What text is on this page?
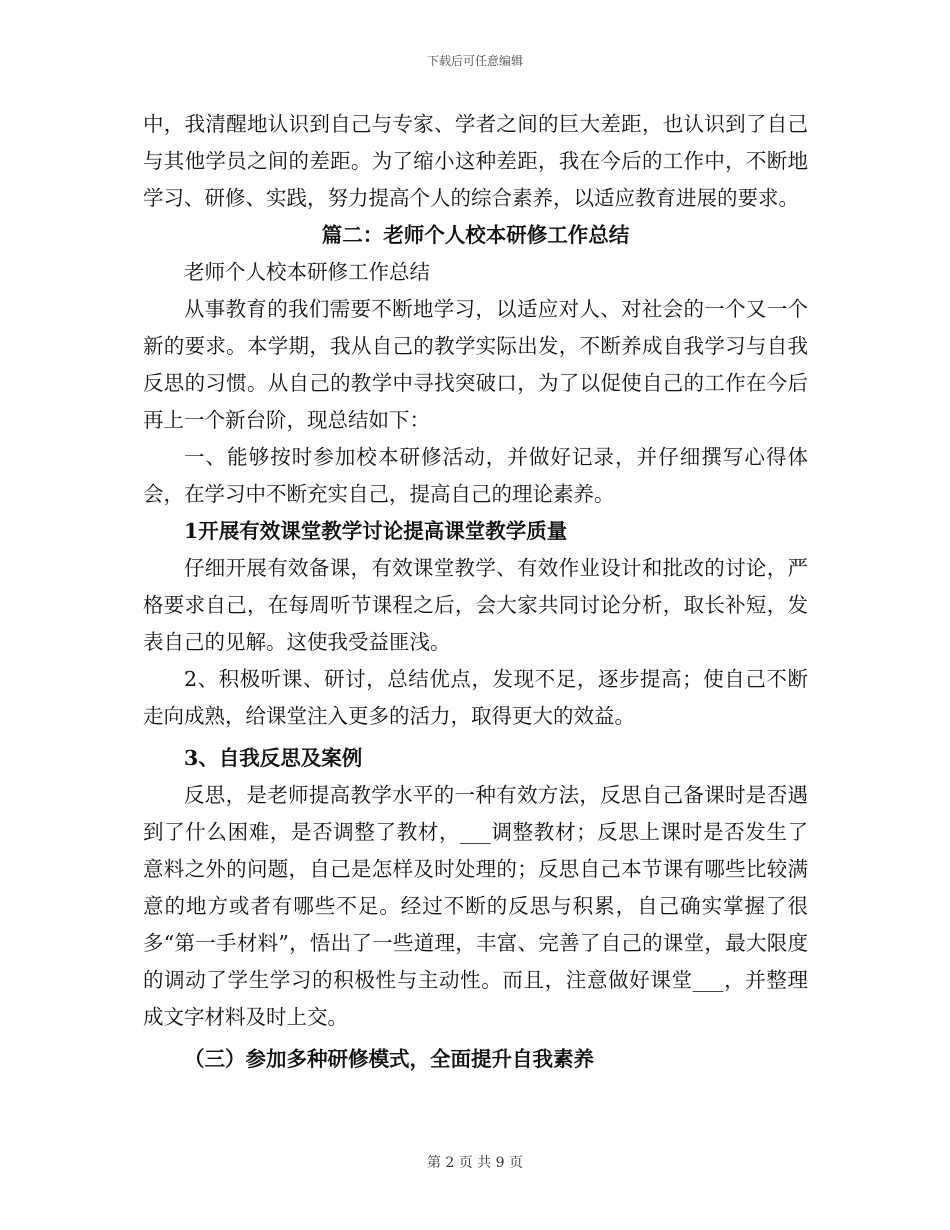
下载后可任意编辑

中，我清醒地认识到自己与专家、学者之间的巨大差距，也认识到了自己与其他学员之间的差距。为了缩小这种差距，我在今后的工作中，不断地学习、研修、实践，努力提高个人的综合素养，以适应教育进展的要求。

篇二：老师个人校本研修工作总结

老师个人校本研修工作总结

从事教育的我们需要不断地学习，以适应对人、对社会的一个又一个新的要求。本学期，我从自己的教学实际出发，不断养成自我学习与自我反思的习惯。从自己的教学中寻找突破口，为了以促使自己的工作在今后再上一个新台阶，现总结如下：

一、能够按时参加校本研修活动，并做好记录，并仔细撰写心得体会，在学习中不断充实自己，提高自己的理论素养。

1开展有效课堂教学讨论提高课堂教学质量

仔细开展有效备课，有效课堂教学、有效作业设计和批改的讨论，严格要求自己，在每周听节课程之后，会大家共同讨论分析，取长补短，发表自己的见解。这使我受益匪浅。

2、积极听课、研讨，总结优点，发现不足，逐步提高；使自己不断走向成熟，给课堂注入更多的活力，取得更大的效益。

3、自我反思及案例

反思，是老师提高教学水平的一种有效方法，反思自己备课时是否遇到了什么困难，是否调整了教材，___调整教材；反思上课时是否发生了意料之外的问题，自己是怎样及时处理的；反思自己本节课有哪些比较满意的地方或者有哪些不足。经过不断的反思与积累，自己确实掌握了很多“第一手材料”，悟出了一些道理，丰富、完善了自己的课堂，最大限度的调动了学生学习的积极性与主动性。而且，注意做好课堂___，并整理成文字材料及时上交。

（三）参加多种研修模式，全面提升自我素养

第 2 页 共 9 页
